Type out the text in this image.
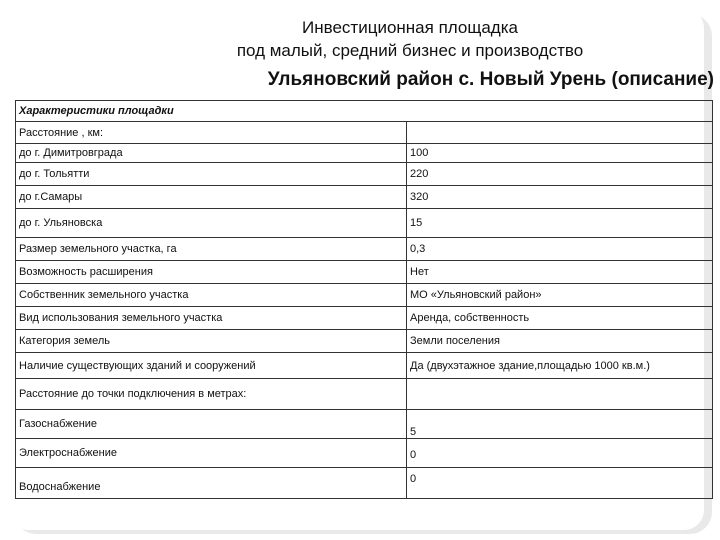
Инвестиционная площадка
под малый, средний бизнес и производство
Ульяновский район с. Новый Урень (описание)
Характеристики площадки	
Расстояние , км:	
до г. Димитровграда	100
до г. Тольятти	220
до г.Самары	320
до г. Ульяновска	15
Размер земельного участка, га	0,3
Возможность расширения	Нет
Собственник земельного участка	МО «Ульяновский район»
Вид использования земельного участка	Аренда, собственность
Категория земель	Земли поселения
Наличие существующих зданий и сооружений	Да (двухэтажное здание,площадью 1000 кв.м.)
Расстояние до точки подключения в метрах:	
Газоснабжение	5
Электроснабжение	0
Водоснабжение	0
